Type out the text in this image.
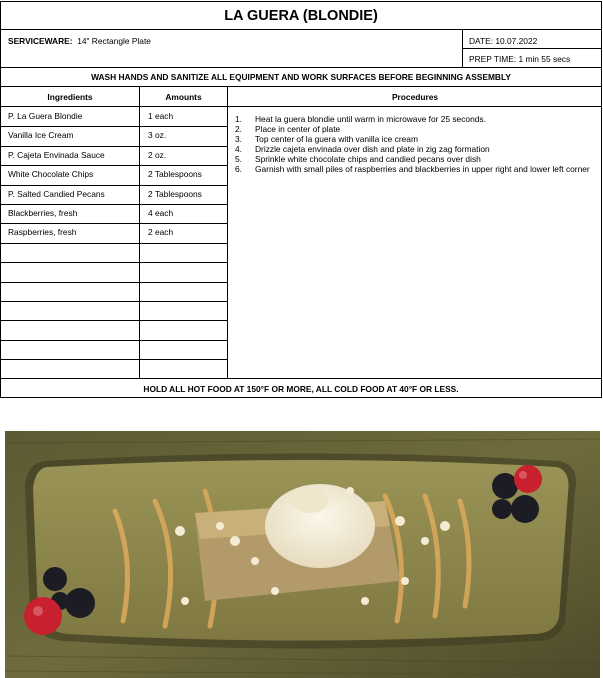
LA GUERA (BLONDIE)
SERVICEWARE: 14" Rectangle Plate	DATE: 10.07.2022
PREP TIME: 1 min 55 secs
WASH HANDS AND SANITIZE ALL EQUIPMENT AND WORK SURFACES BEFORE BEGINNING ASSEMBLY
Ingredients	Amounts	Procedures
P. La Guera Blondie	1 each
Vanilla Ice Cream	3 oz.
P. Cajeta Envinada Sauce	2 oz.
White Chocolate Chips	2 Tablespoons
P. Salted Candied Pecans	2 Tablespoons
Blackberries, fresh	4 each
Raspberries, fresh	2 each
1. Heat la guera blondie until warm in microwave for 25 seconds.
2. Place in center of plate
3. Top center of la guera with vanilla ice cream
4. Drizzle cajeta envinada over dish and plate in zig zag formation
5. Sprinkle white chocolate chips and candied pecans over dish
6. Garnish with small piles of raspberries and blackberries in upper right and lower left corner
HOLD ALL HOT FOOD AT 150°F OR MORE, ALL COLD FOOD AT 40°F OR LESS.
